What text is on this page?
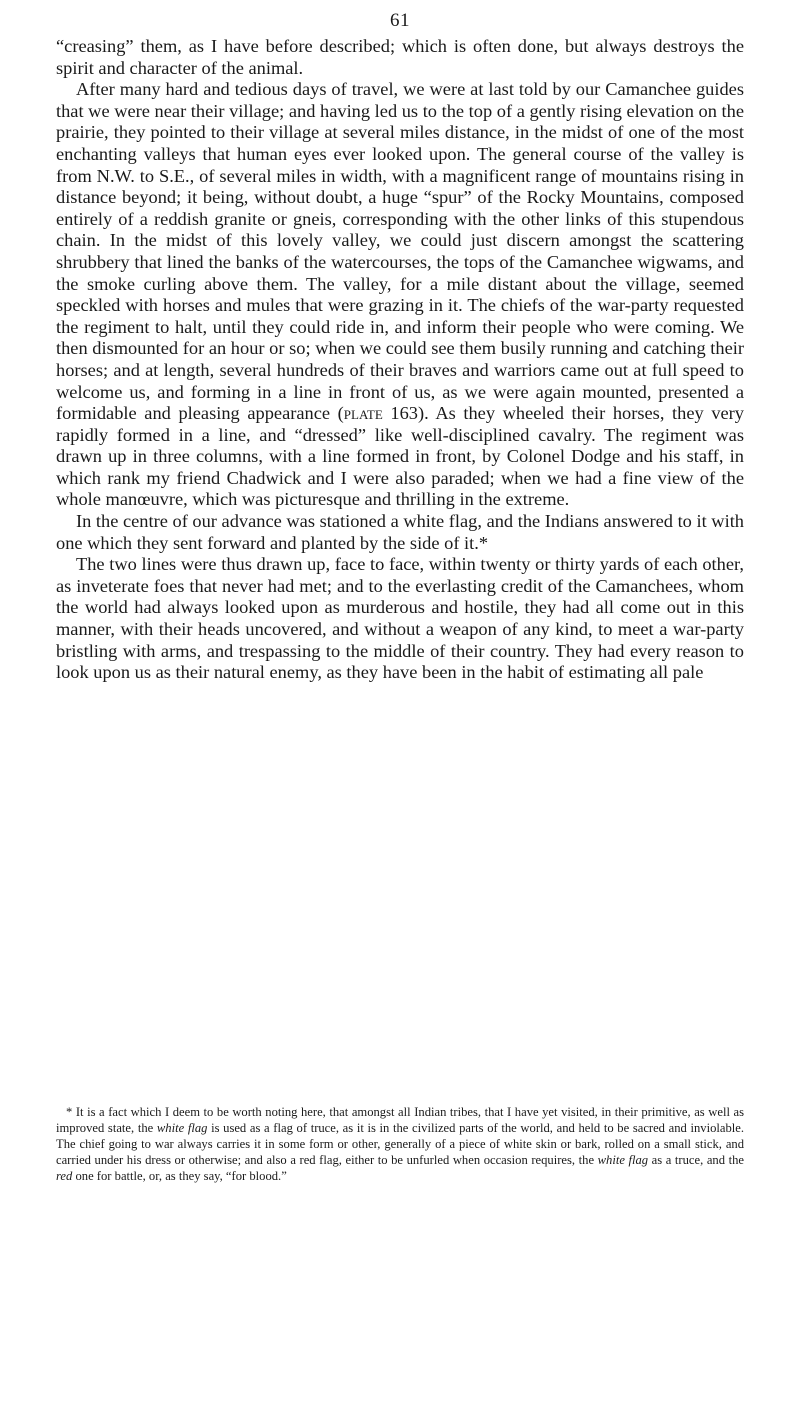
61

“creasing” them, as I have before described; which is often done, but always destroys the spirit and character of the animal.

After many hard and tedious days of travel, we were at last told by our Camanchee guides that we were near their village; and having led us to the top of a gently rising elevation on the prairie, they pointed to their village at several miles distance, in the midst of one of the most enchanting valleys that human eyes ever looked upon. The general course of the valley is from N.W. to S.E., of several miles in width, with a magnificent range of mountains rising in distance beyond; it being, without doubt, a huge “spur” of the Rocky Mountains, composed entirely of a reddish granite or gneis, corresponding with the other links of this stupendous chain. In the midst of this lovely valley, we could just discern amongst the scattering shrubbery that lined the banks of the watercourses, the tops of the Camanchee wigwams, and the smoke curling above them. The valley, for a mile distant about the village, seemed speckled with horses and mules that were grazing in it. The chiefs of the war-party requested the regiment to halt, until they could ride in, and inform their people who were coming. We then dismounted for an hour or so; when we could see them busily running and catching their horses; and at length, several hundreds of their braves and warriors came out at full speed to welcome us, and forming in a line in front of us, as we were again mounted, presented a formidable and pleasing appearance (plate 163). As they wheeled their horses, they very rapidly formed in a line, and “dressed” like well-disciplined cavalry. The regiment was drawn up in three columns, with a line formed in front, by Colonel Dodge and his staff, in which rank my friend Chadwick and I were also paraded; when we had a fine view of the whole manœuvre, which was picturesque and thrilling in the extreme.

In the centre of our advance was stationed a white flag, and the Indians answered to it with one which they sent forward and planted by the side of it.*

The two lines were thus drawn up, face to face, within twenty or thirty yards of each other, as inveterate foes that never had met; and to the everlasting credit of the Camanchees, whom the world had always looked upon as murderous and hostile, they had all come out in this manner, with their heads uncovered, and without a weapon of any kind, to meet a war-party bristling with arms, and trespassing to the middle of their country. They had every reason to look upon us as their natural enemy, as they have been in the habit of estimating all pale

* It is a fact which I deem to be worth noting here, that amongst all Indian tribes, that I have yet visited, in their primitive, as well as improved state, the white flag is used as a flag of truce, as it is in the civilized parts of the world, and held to be sacred and inviolable. The chief going to war always carries it in some form or other, generally of a piece of white skin or bark, rolled on a small stick, and carried under his dress or otherwise; and also a red flag, either to be unfurled when occasion requires, the white flag as a truce, and the red one for battle, or, as they say, “for blood.”
